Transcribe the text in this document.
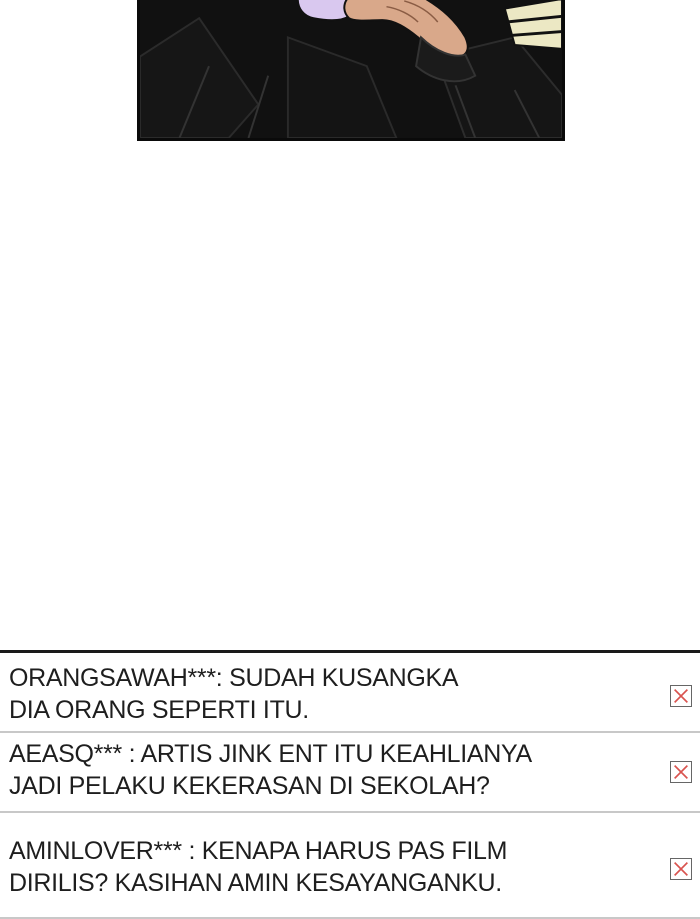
ORANGSAWAH***: SUDAH KUSANGKA
DIA ORANG SEPERTI ITU.
AEASQ*** : ARTIS JINK ENT ITU KEAHLIANYA
JADI PELAKU KEKERASAN DI SEKOLAH?
AMINLOVER*** : KENAPA HARUS PAS FILM
DIRILIS? KASIHAN AMIN KESAYANGANKU.
